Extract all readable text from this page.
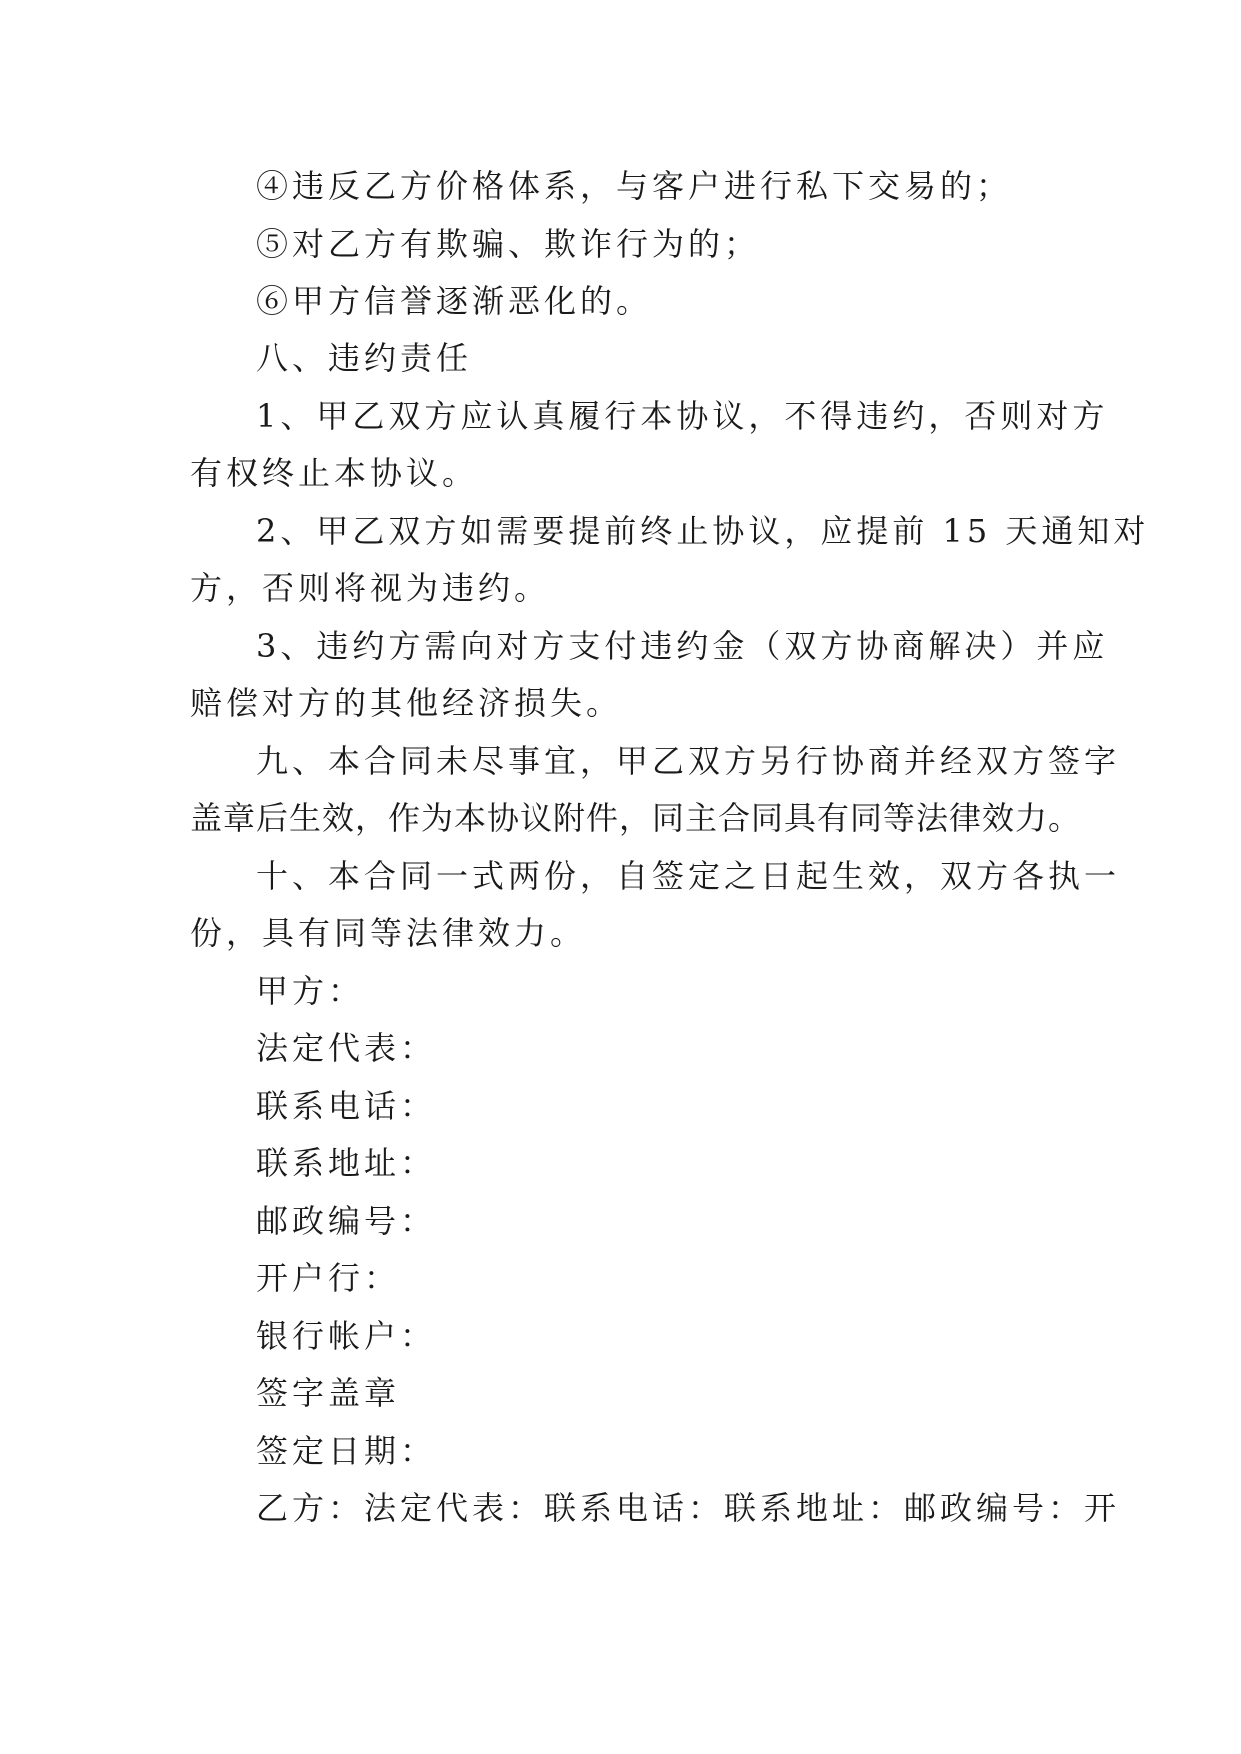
④违反乙方价格体系，与客户进行私下交易的；
⑤对乙方有欺骗、欺诈行为的；
⑥甲方信誉逐渐恶化的。
八、违约责任
1、甲乙双方应认真履行本协议，不得违约，否则对方
有权终止本协议。
2、甲乙双方如需要提前终止协议，应提前 15 天通知对
方，否则将视为违约。
3、违约方需向对方支付违约金（双方协商解决）并应
赔偿对方的其他经济损失。
九、本合同未尽事宜，甲乙双方另行协商并经双方签字
盖章后生效，作为本协议附件，同主合同具有同等法律效力。
十、本合同一式两份，自签定之日起生效，双方各执一
份，具有同等法律效力。
甲方：
法定代表：
联系电话：
联系地址：
邮政编号：
开户行：
银行帐户：
签字盖章
签定日期：
乙方：法定代表：联系电话：联系地址：邮政编号：开
